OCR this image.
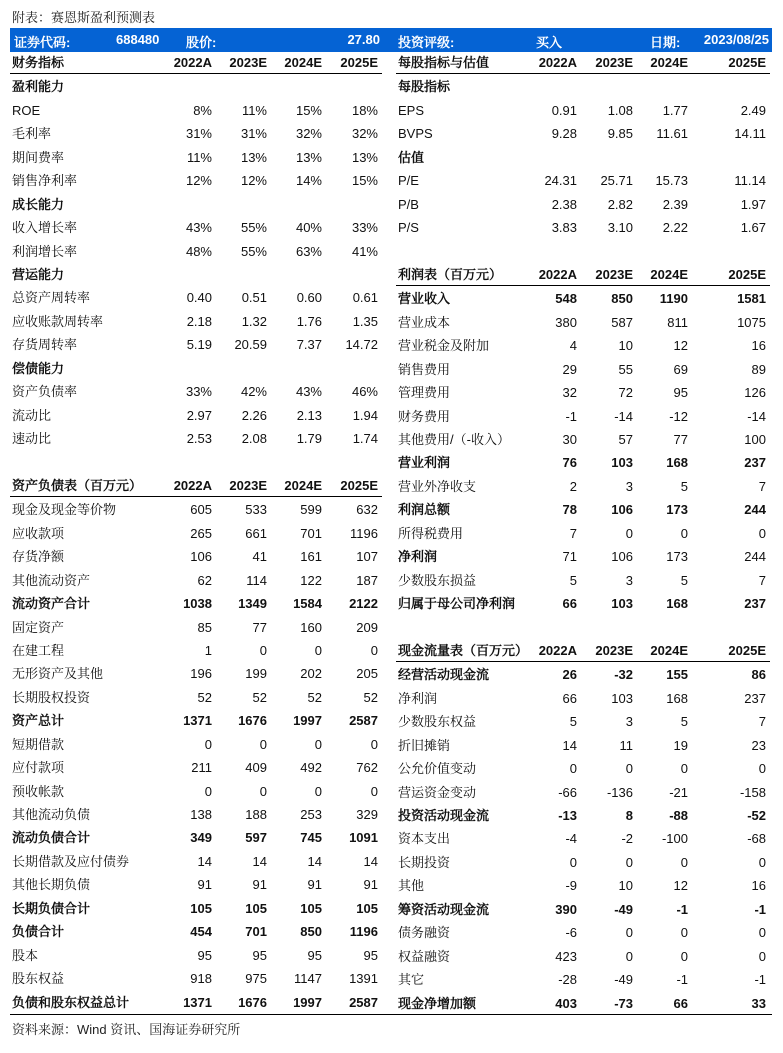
附表：赛恩斯盈利预测表
证券代码:	688480 股价:	27.80 投资评级:	买入	日期: 2023/08/25
财务指标	2022A	2023E	2024E	2025E
盈利能力
ROE	8%	11%	15%	18%
毛利率	31%	31%	32%	32%
期间费率	11%	13%	13%	13%
销售净利率	12%	12%	14%	15%
成长能力
收入增长率	43%	55%	40%	33%
利润增长率	48%	55%	63%	41%
营运能力
总资产周转率	0.40	0.51	0.60	0.61
应收账款周转率	2.18	1.32	1.76	1.35
存货周转率	5.19	20.59	7.37	14.72
偿债能力
资产负债率	33%	42%	43%	46%
流动比	2.97	2.26	2.13	1.94
速动比	2.53	2.08	1.79	1.74
资产负债表（百万元）	2022A	2023E	2024E	2025E
现金及现金等价物	605	533	599	632
应收款项	265	661	701	1196
存货净额	106	41	161	107
其他流动资产	62	114	122	187
流动资产合计	1038	1349	1584	2122
固定资产	85	77	160	209
在建工程	1	0	0	0
无形资产及其他	196	199	202	205
长期股权投资	52	52	52	52
资产总计	1371	1676	1997	2587
短期借款	0	0	0	0
应付款项	211	409	492	762
预收帐款	0	0	0	0
其他流动负债	138	188	253	329
流动负债合计	349	597	745	1091
长期借款及应付债券	14	14	14	14
其他长期负债	91	91	91	91
长期负债合计	105	105	105	105
负债合计	454	701	850	1196
股本	95	95	95	95
股东权益	918	975	1147	1391
负债和股东权益总计	1371	1676	1997	2587
每股指标与估值	2022A	2023E	2024E	2025E
每股指标
EPS	0.91	1.08	1.77	2.49
BVPS	9.28	9.85	11.61	14.11
估值
P/E	24.31	25.71	15.73	11.14
P/B	2.38	2.82	2.39	1.97
P/S	3.83	3.10	2.22	1.67
利润表（百万元）	2022A	2023E	2024E	2025E
营业收入	548	850	1190	1581
营业成本	380	587	811	1075
营业税金及附加	4	10	12	16
销售费用	29	55	69	89
管理费用	32	72	95	126
财务费用	-1	-14	-12	-14
其他费用/（-收入）	30	57	77	100
营业利润	76	103	168	237
营业外净收支	2	3	5	7
利润总额	78	106	173	244
所得税费用	7	0	0	0
净利润	71	106	173	244
少数股东损益	5	3	5	7
归属于母公司净利润	66	103	168	237
现金流量表（百万元） 2022A	2023E	2024E	2025E
经营活动现金流	26	-32	155	86
净利润	66	103	168	237
少数股东权益	5	3	5	7
折旧摊销	14	11	19	23
公允价值变动	0	0	0	0
营运资金变动	-66	-136	-21	-158
投资活动现金流	-13	8	-88	-52
资本支出	-4	-2	-100	-68
长期投资	0	0	0	0
其他	-9	10	12	16
筹资活动现金流	390	-49	-1	-1
债务融资	-6	0	0	0
权益融资	423	0	0	0
其它	-28	-49	-1	-1
现金净增加额	403	-73	66	33
资料来源：Wind 资讯、国海证券研究所
